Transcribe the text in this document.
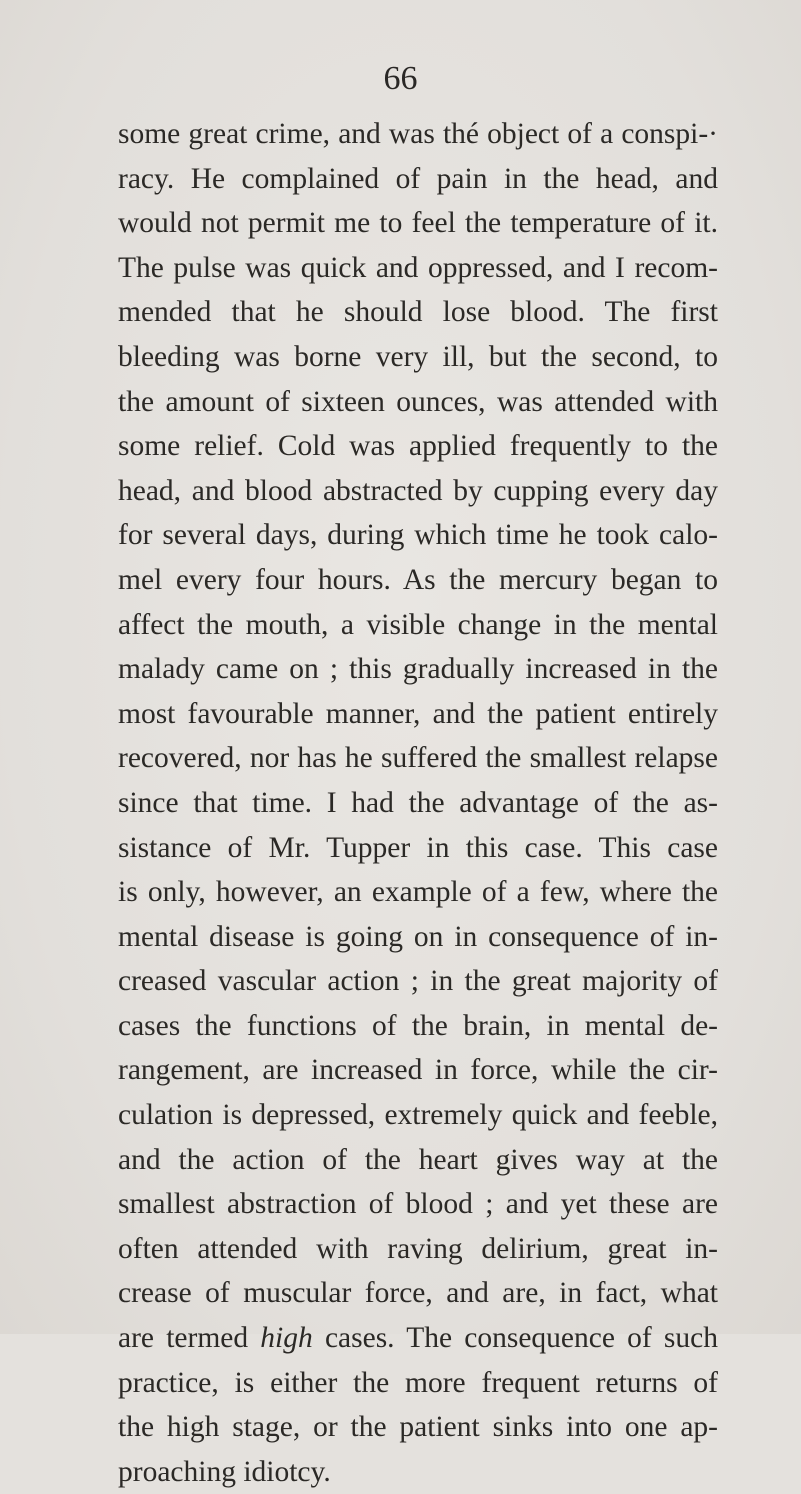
66

some great crime, and was thé object of a conspi-·
racy. He complained of pain in the head, and
would not permit me to feel the temperature of it.
The pulse was quick and oppressed, and I recom-
mended that he should lose blood. The first
bleeding was borne very ill, but the second, to
the amount of sixteen ounces, was attended with
some relief. Cold was applied frequently to the
head, and blood abstracted by cupping every day
for several days, during which time he took calo-
mel every four hours. As the mercury began to
affect the mouth, a visible change in the mental
malady came on ; this gradually increased in the
most favourable manner, and the patient entirely
recovered, nor has he suffered the smallest relapse
since that time. I had the advantage of the as-
sistance of Mr. Tupper in this case. This case
is only, however, an example of a few, where the
mental disease is going on in consequence of in-
creased vascular action ; in the great majority of
cases the functions of the brain, in mental de-
rangement, are increased in force, while the cir-
culation is depressed, extremely quick and feeble,
and the action of the heart gives way at the
smallest abstraction of blood ; and yet these are
often attended with raving delirium, great in-
crease of muscular force, and are, in fact, what
are termed high cases. The consequence of such
practice, is either the more frequent returns of
the high stage, or the patient sinks into one ap-
proaching idiotcy.
